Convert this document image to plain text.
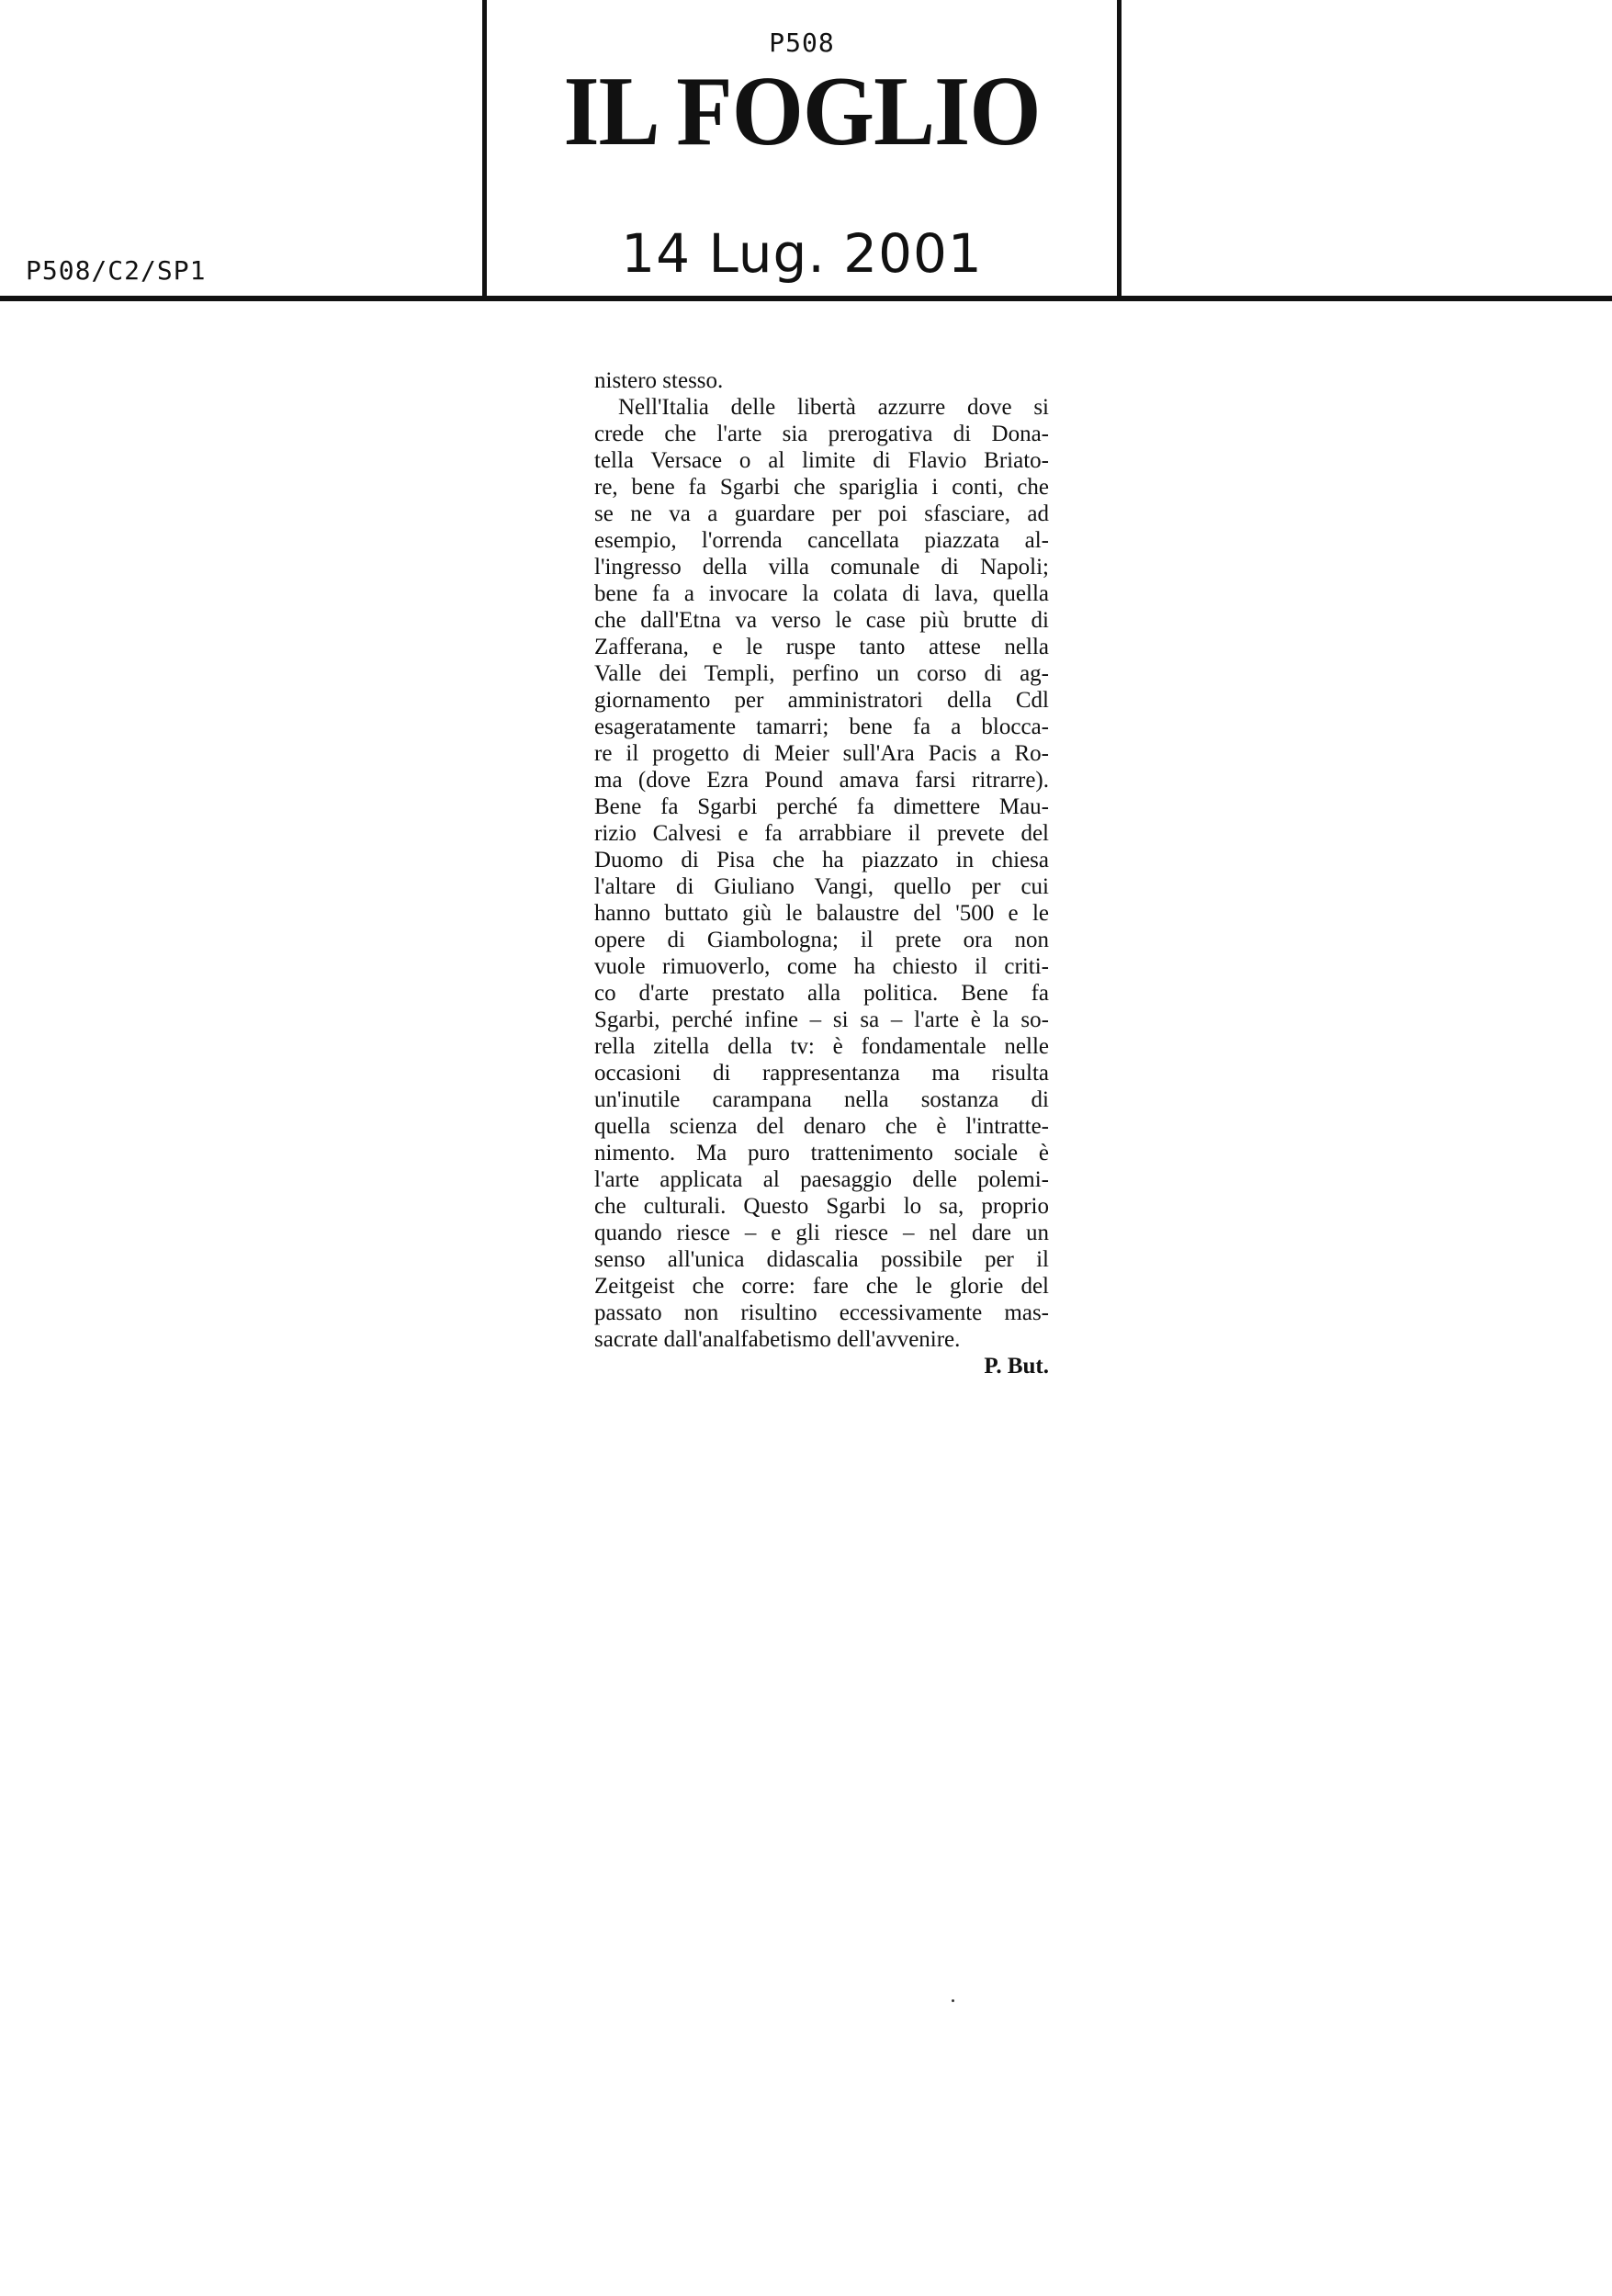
P508
IL FOGLIO
14 Lug. 2001
P508/C2/SP1
nistero stesso.
Nell'Italia delle libertà azzurre dove si
crede che l'arte sia prerogativa di Dona-
tella Versace o al limite di Flavio Briato-
re, bene fa Sgarbi che spariglia i conti, che
se ne va a guardare per poi sfasciare, ad
esempio, l'orrenda cancellata piazzata al-
l'ingresso della villa comunale di Napoli;
bene fa a invocare la colata di lava, quella
che dall'Etna va verso le case più brutte di
Zafferana, e le ruspe tanto attese nella
Valle dei Templi, perfino un corso di ag-
giornamento per amministratori della Cdl
esageratamente tamarri; bene fa a blocca-
re il progetto di Meier sull'Ara Pacis a Ro-
ma (dove Ezra Pound amava farsi ritrarre).
Bene fa Sgarbi perché fa dimettere Mau-
rizio Calvesi e fa arrabbiare il prevete del
Duomo di Pisa che ha piazzato in chiesa
l'altare di Giuliano Vangi, quello per cui
hanno buttato giù le balaustre del '500 e le
opere di Giambologna; il prete ora non
vuole rimuoverlo, come ha chiesto il criti-
co d'arte prestato alla politica. Bene fa
Sgarbi, perché infine – si sa – l'arte è la so-
rella zitella della tv: è fondamentale nelle
occasioni di rappresentanza ma risulta
un'inutile carampana nella sostanza di
quella scienza del denaro che è l'intratte-
nimento. Ma puro trattenimento sociale è
l'arte applicata al paesaggio delle polemi-
che culturali. Questo Sgarbi lo sa, proprio
quando riesce – e gli riesce – nel dare un
senso all'unica didascalia possibile per il
Zeitgeist che corre: fare che le glorie del
passato non risultino eccessivamente mas-
sacrate dall'analfabetismo dell'avvenire.
P. But.
